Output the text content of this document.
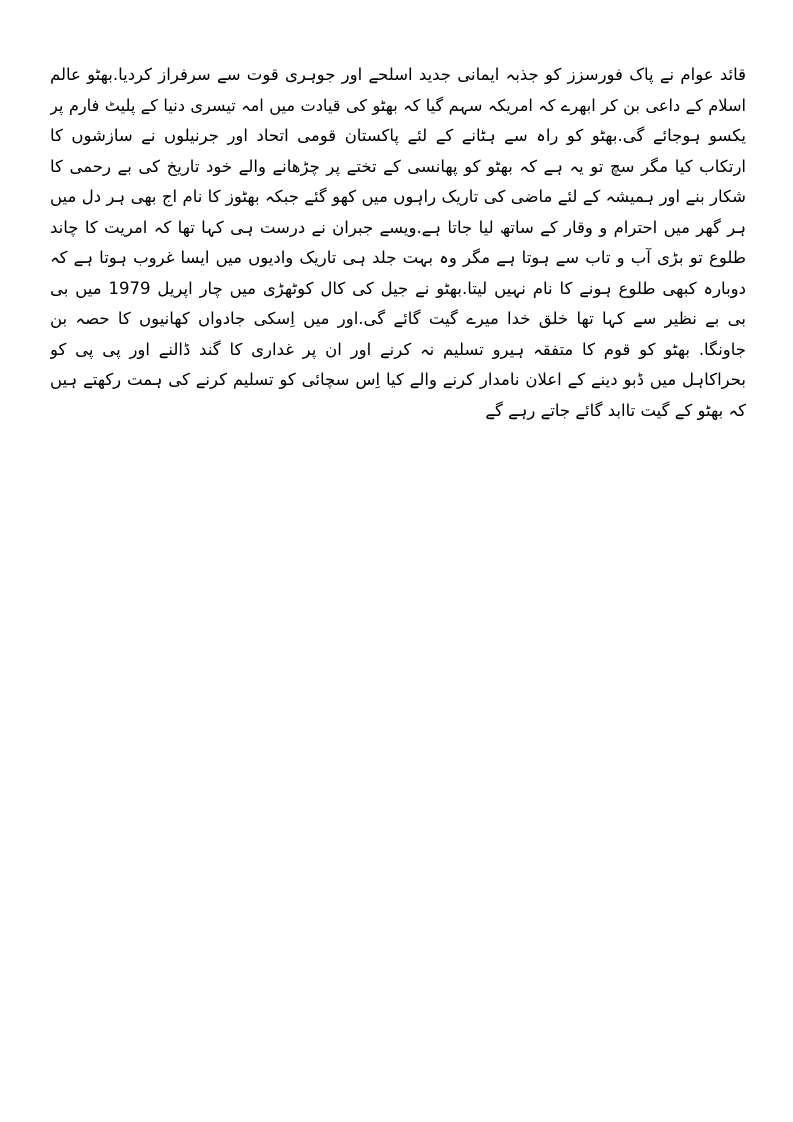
قائد عوام نے پاک فورسزز کو جذبہ ایمانی جدید اسلحے اور جوہری قوت سے سرفراز کردیا.بھٹو عالم
اسلام کے داعی بن کر ابھرے کہ امریکہ سہم گیا کہ بھٹو کی قیادت میں امہ تیسری دنیا کے پلیٹ فارم پر
یکسو ہوجائے گی.بھٹو کو راہ سے ہٹانے کے لئے پاکستان قومی اتحاد اور جرنیلوں نے سازشوں کا
ارتکاب کیا مگر سچ تو یہ ہے کہ بھٹو کو پھانسی کے تختے پر چڑھانے والے خود تاریخ کی بے رحمی کا
شکار بنے اور ہمیشہ کے لئے ماضی کی تاریک راہوں میں کھو گئے جبکہ بھٹوز کا نام اج بھی ہر دل میں
ہر گھر میں احترام و وقار کے ساتھ لیا جاتا ہے.ویسے جبران نے درست ہی کہا تھا کہ امریت کا چاند
طلوع تو بڑی آب و تاب سے ہوتا ہے مگر وہ بہت جلد ہی تاریک وادیوں میں ایسا غروب ہوتا ہے کہ
دوبارہ کبھی طلوع ہونے کا نام نہیں لیتا.بھٹو نے جیل کی کال کوٹھڑی میں چار اپریل 1979 میں بی
بی بے نظیر سے کہا تھا خلق خدا میرے گیت گائے گی.اور میں اِسکی جادواں کھانیوں کا حصہ بن
جاونگا. بھٹو کو قوم کا متفقہ ہیرو تسلیم نہ کرنے اور ان پر غداری کا گند ڈالنے اور پی پی کو
بحراکاہل میں ڈبو دینے کے اعلان نامدار کرنے والے کیا اِس سچائی کو تسلیم کرنے کی ہمت رکھتے ہیں
کہ بھٹو کے گیت تاابد گائے جاتے رہے گے
